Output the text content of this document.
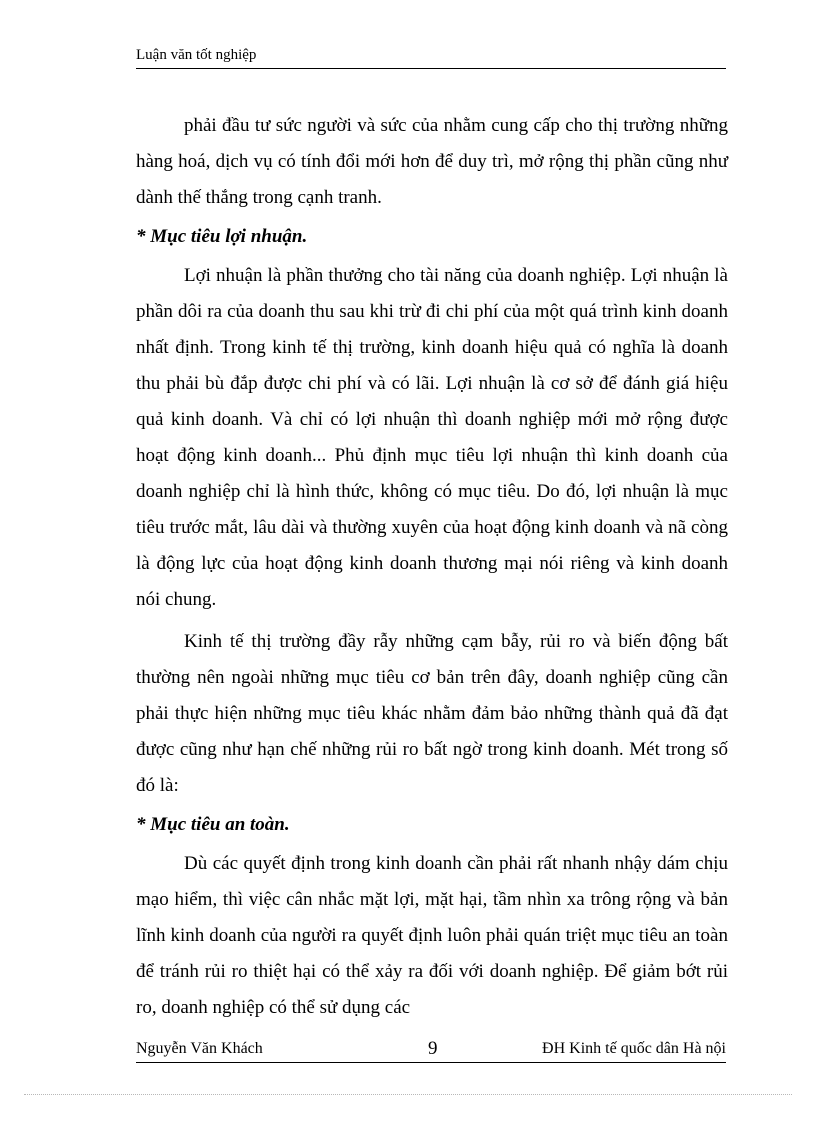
Luận văn tốt nghiệp

phải đầu tư sức người và sức của nhằm cung cấp cho thị trường những hàng hoá, dịch vụ có tính đổi mới hơn để duy trì, mở rộng thị phần cũng như dành thế thắng trong cạnh tranh.

* Mục tiêu lợi nhuận.

Lợi nhuận là phần thưởng cho tài năng của doanh nghiệp. Lợi nhuận là phần dôi ra của doanh thu sau khi trừ đi chi phí của một quá trình kinh doanh nhất định. Trong kinh tế thị trường, kinh doanh hiệu quả có nghĩa là doanh thu phải bù đắp được chi phí và có lãi. Lợi nhuận là cơ sở để đánh giá hiệu quả kinh doanh. Và chỉ có lợi nhuận thì doanh nghiệp mới mở rộng được hoạt động kinh doanh... Phủ định mục tiêu lợi nhuận thì kinh doanh của doanh nghiệp chỉ là hình thức, không có mục tiêu. Do đó, lợi nhuận là mục tiêu trước mắt, lâu dài và thường xuyên của hoạt động kinh doanh và nã còng là động lực của hoạt động kinh doanh thương mại nói riêng và kinh doanh nói chung.

Kinh tế thị trường đầy rẫy những cạm bẫy, rủi ro và biến động bất thường nên ngoài những mục tiêu cơ bản trên đây, doanh nghiệp cũng cần phải thực hiện những mục tiêu khác nhằm đảm bảo những thành quả đã đạt được cũng như hạn chế những rủi ro bất ngờ trong kinh doanh. Mét trong số đó là:

* Mục tiêu an toàn.

Dù các quyết định trong kinh doanh cần phải rất nhanh nhậy dám chịu mạo hiểm, thì việc cân nhắc mặt lợi, mặt hại, tầm nhìn xa trông rộng và bản lĩnh kinh doanh của người ra quyết định luôn phải quán triệt mục tiêu an toàn để tránh rủi ro thiệt hại có thể xảy ra đối với doanh nghiệp. Để giảm bớt rủi ro, doanh nghiệp có thể sử dụng các

Nguyễn Văn Khách	9	ĐH Kinh tế quốc dân Hà nội
